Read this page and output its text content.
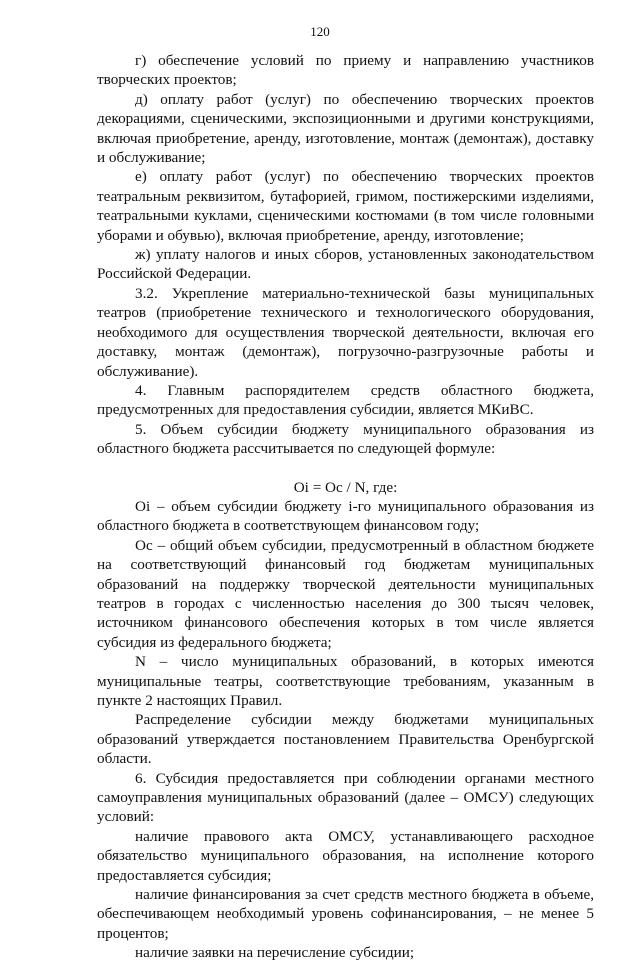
120

г) обеспечение условий по приему и направлению участников творческих проектов;

д) оплату работ (услуг) по обеспечению творческих проектов декорациями, сценическими, экспозиционными и другими конструкциями, включая приобретение, аренду, изготовление, монтаж (демонтаж), доставку и обслуживание;

е) оплату работ (услуг) по обеспечению творческих проектов театральным реквизитом, бутафорией, гримом, постижерскими изделиями, театральными куклами, сценическими костюмами (в том числе головными уборами и обувью), включая приобретение, аренду, изготовление;

ж) уплату налогов и иных сборов, установленных законодательством Российской Федерации.

3.2. Укрепление материально-технической базы муниципальных театров (приобретение технического и технологического оборудования, необходимого для осуществления творческой деятельности, включая его доставку, монтаж (демонтаж), погрузочно-разгрузочные работы и обслуживание).

4. Главным распорядителем средств областного бюджета, предусмотренных для предоставления субсидии, является МКиВС.

5. Объем субсидии бюджету муниципального образования из областного бюджета рассчитывается по следующей формуле:

Oi = Oc / N, где:

Oi – объем субсидии бюджету i-го муниципального образования из областного бюджета в соответствующем финансовом году;

Oc – общий объем субсидии, предусмотренный в областном бюджете на соответствующий финансовый год бюджетам муниципальных образований на поддержку творческой деятельности муниципальных театров в городах с численностью населения до 300 тысяч человек, источником финансового обеспечения которых в том числе является субсидия из федерального бюджета;

N – число муниципальных образований, в которых имеются муниципальные театры, соответствующие требованиям, указанным в пункте 2 настоящих Правил.

Распределение субсидии между бюджетами муниципальных образований утверждается постановлением Правительства Оренбургской области.

6. Субсидия предоставляется при соблюдении органами местного самоуправления муниципальных образований (далее – ОМСУ) следующих условий:

наличие правового акта ОМСУ, устанавливающего расходное обязательство муниципального образования, на исполнение которого предоставляется субсидия;

наличие финансирования за счет средств местного бюджета в объеме, обеспечивающем необходимый уровень софинансирования, – не менее 5 процентов;

наличие заявки на перечисление субсидии;
